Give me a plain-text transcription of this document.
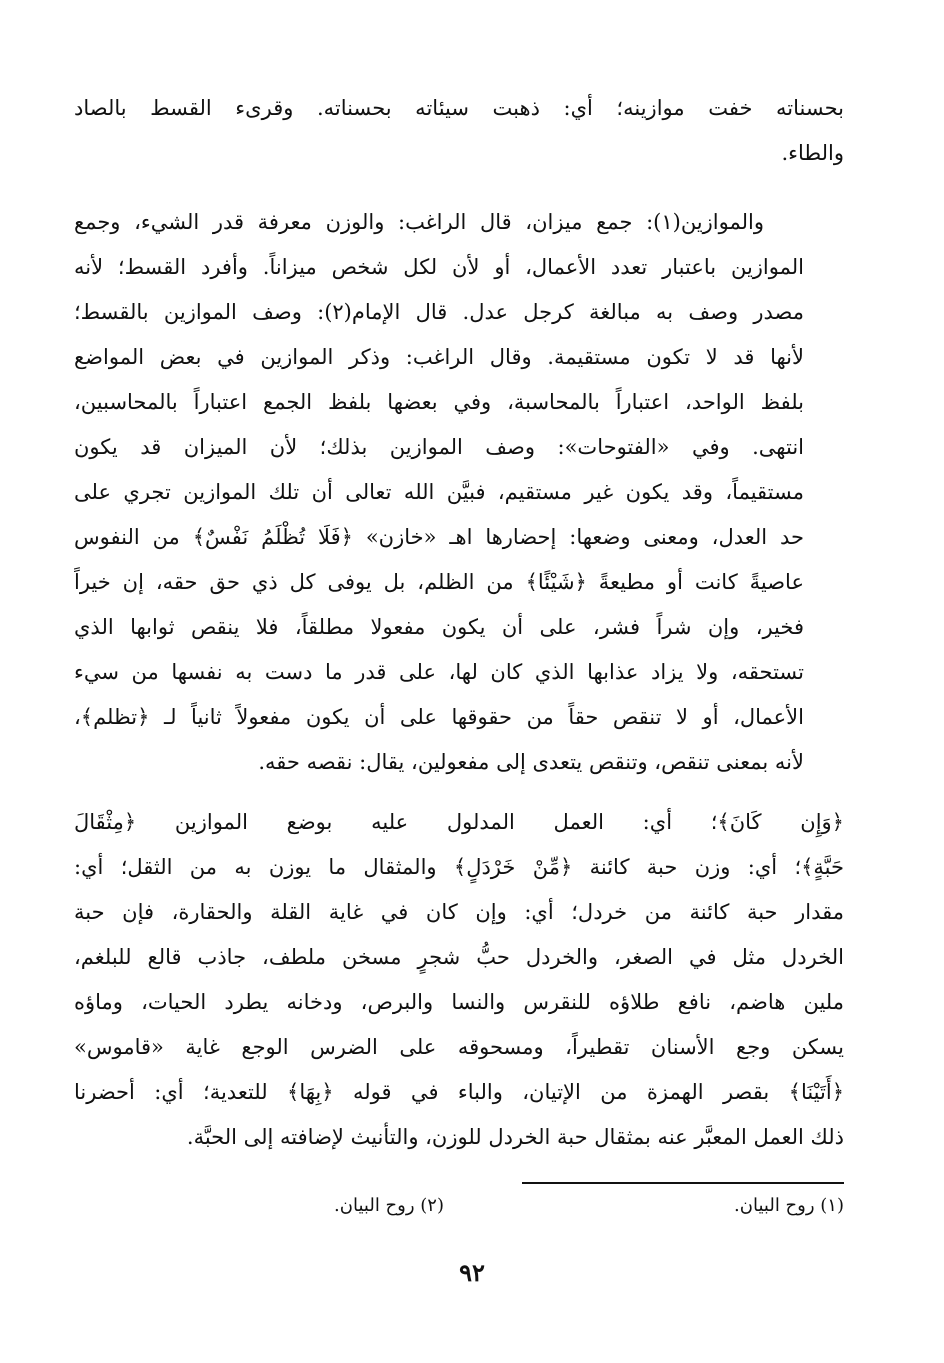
بحسناته خفت موازينه؛ أي: ذهبت سيئاته بحسناته. وقرىء القسط بالصاد
والطاء.
والموازين(١): جمع ميزان، قال الراغب: والوزن معرفة قدر الشيء، وجمع
الموازين باعتبار تعدد الأعمال، أو لأن لكل شخص ميزاناً. وأفرد القسط؛ لأنه
مصدر وصف به مبالغة كرجل عدل. قال الإمام(٢): وصف الموازين بالقسط؛
لأنها قد لا تكون مستقيمة. وقال الراغب: وذكر الموازين في بعض المواضع
بلفظ الواحد، اعتباراً بالمحاسبة، وفي بعضها بلفظ الجمع اعتباراً بالمحاسبين،
انتهى. وفي «الفتوحات»: وصف الموازين بذلك؛ لأن الميزان قد يكون
مستقيماً، وقد يكون غير مستقيم، فبيَّن الله تعالى أن تلك الموازين تجري على
حد العدل، ومعنى وضعها: إحضارها اهـ «خازن» ﴿فَلَا تُظْلَمُ نَفْسٌ﴾ من النفوس
عاصيةً كانت أو مطيعةً ﴿شَيْئًا﴾ من الظلم، بل يوفى كل ذي حق حقه، إن خيراً
فخير، وإن شراً فشر، على أن يكون مفعولا مطلقاً، فلا ينقص ثوابها الذي
تستحقه، ولا يزاد عذابها الذي كان لها، على قدر ما دست به نفسها من سيء
الأعمال، أو لا تنقص حقاً من حقوقها على أن يكون مفعولاً ثانياً لـ ﴿تظلم﴾،
لأنه بمعنى تنقص، وتنقص يتعدى إلى مفعولين، يقال: نقصه حقه.
﴿وَإِن كَانَ﴾؛ أي: العمل المدلول عليه بوضع الموازين ﴿مِثْقَالَ
حَبَّةٍ﴾؛ أي: وزن حبة كائنة ﴿مِّنْ خَرْدَلٍ﴾ والمثقال ما يوزن به من الثقل؛ أي:
مقدار حبة كائنة من خردل؛ أي: وإن كان في غاية القلة والحقارة، فإن حبة
الخردل مثل في الصغر، والخردل حبُّ شجرٍ مسخن ملطف، جاذب قالع للبلغم،
ملين هاضم، نافع طلاؤه للنقرس والنسا والبرص، ودخانه يطرد الحيات، وماؤه
يسكن وجع الأسنان تقطيراً، ومسحوقه على الضرس الوجع غاية «قاموس»
﴿أَتَيْنَا﴾ بقصر الهمزة من الإتيان، والباء في قوله ﴿بِهَا﴾ للتعدية؛ أي: أحضرنا
ذلك العمل المعبَّر عنه بمثقال حبة الخردل للوزن، والتأنيث لإضافته إلى الحبَّة.
(١) روح البيان.
(٢) روح البيان.
٩٢
